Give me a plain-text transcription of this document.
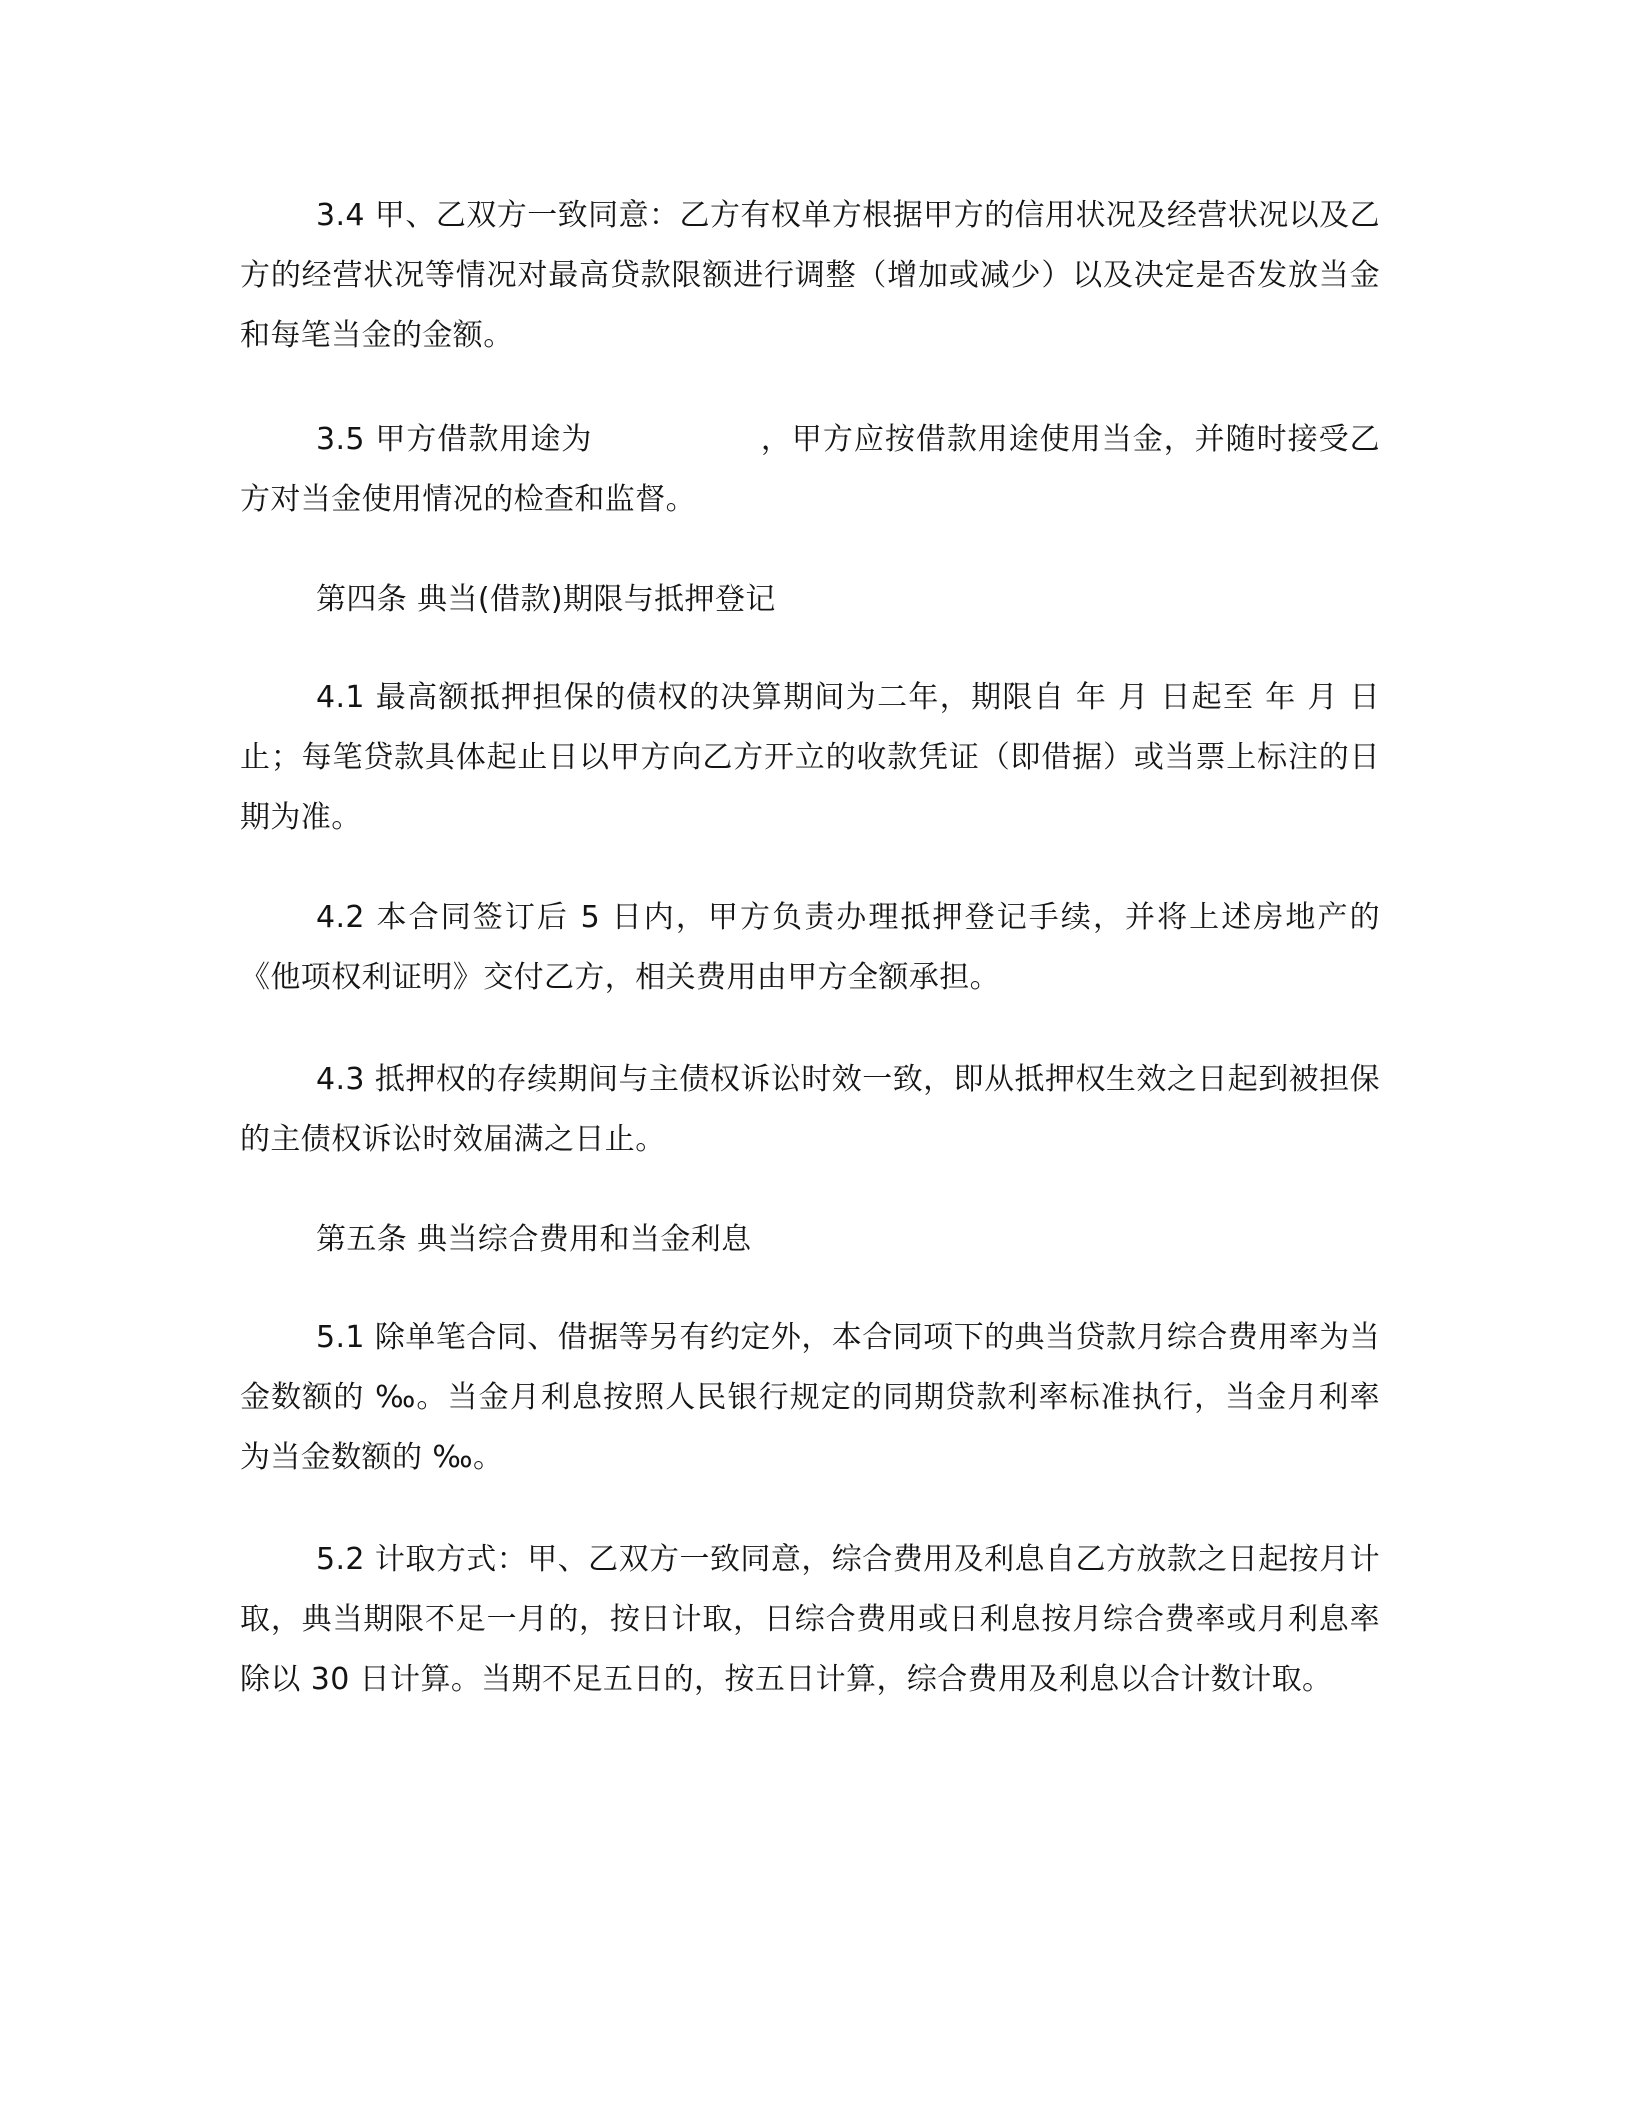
3.4 甲、乙双方一致同意：乙方有权单方根据甲方的信用状况及经营状况以及乙方的经营状况等情况对最高贷款限额进行调整（增加或减少）以及决定是否发放当金和每笔当金的金额。

3.5 甲方借款用途为	，甲方应按借款用途使用当金，并随时接受乙方对当金使用情况的检查和监督。

第四条 典当(借款)期限与抵押登记

4.1 最高额抵押担保的债权的决算期间为二年，期限自 年 月 日起至 年 月 日止；每笔贷款具体起止日以甲方向乙方开立的收款凭证（即借据）或当票上标注的日期为准。

4.2 本合同签订后 5 日内，甲方负责办理抵押登记手续，并将上述房地产的《他项权利证明》交付乙方，相关费用由甲方全额承担。

4.3 抵押权的存续期间与主债权诉讼时效一致，即从抵押权生效之日起到被担保的主债权诉讼时效届满之日止。

第五条 典当综合费用和当金利息

5.1 除单笔合同、借据等另有约定外，本合同项下的典当贷款月综合费用率为当金数额的 ‰。当金月利息按照人民银行规定的同期贷款利率标准执行，当金月利率为当金数额的 ‰。

5.2 计取方式：甲、乙双方一致同意，综合费用及利息自乙方放款之日起按月计取，典当期限不足一月的，按日计取，日综合费用或日利息按月综合费率或月利息率除以 30 日计算。当期不足五日的，按五日计算，综合费用及利息以合计数计取。
